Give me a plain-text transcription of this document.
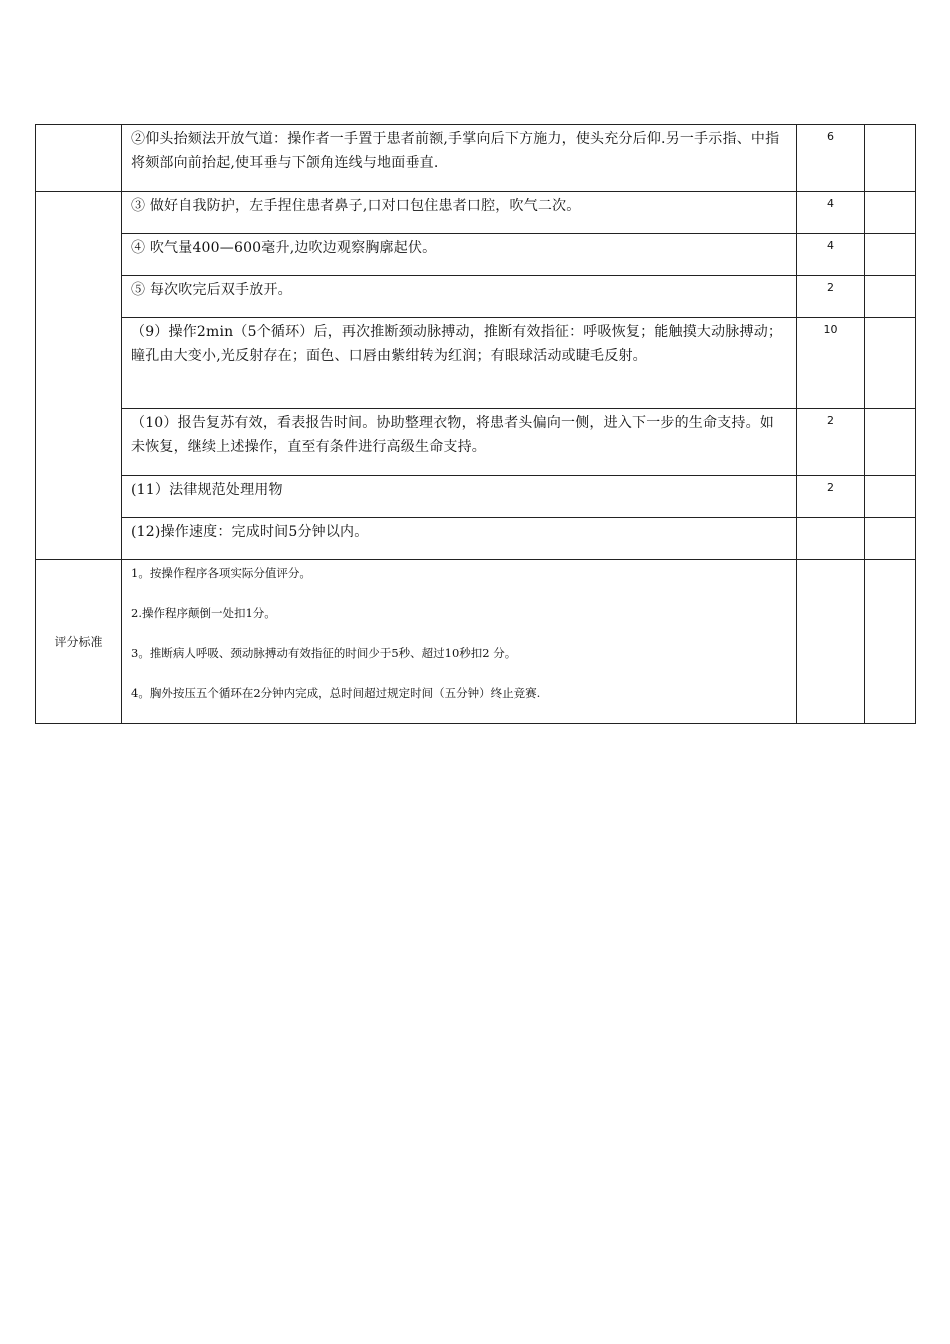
	②仰头抬颏法开放气道：操作者一手置于患者前额,手掌向后下方施力，使头充分后仰.另一手示指、中指将颏部向前抬起,使耳垂与下颌角连线与地面垂直.	6	
	③ 做好自我防护，左手捏住患者鼻子,口对口包住患者口腔，吹气二次。	4	
	④ 吹气量400—600毫升,边吹边观察胸廓起伏。	4	
	⑤ 每次吹完后双手放开。	2	
	（9）操作2min（5个循环）后，再次推断颈动脉搏动，推断有效指征：呼吸恢复；能触摸大动脉搏动；瞳孔由大变小,光反射存在；面色、口唇由紫绀转为红润；有眼球活动或睫毛反射。	10	
	（10）报告复苏有效，看表报告时间。协助整理衣物，将患者头偏向一侧，进入下一步的生命支持。如未恢复，继续上述操作，直至有条件进行高级生命支持。	2	
	(11）法律规范处理用物	2	
	(12)操作速度：完成时间5分钟以内。		
评分标准	1。按操作程序各项实际分值评分。
2.操作程序颠倒一处扣1分。
3。推断病人呼吸、颈动脉搏动有效指征的时间少于5秒、超过10秒扣2 分。
4。胸外按压五个循环在2分钟内完成，总时间超过规定时间（五分钟）终止竞赛.		
